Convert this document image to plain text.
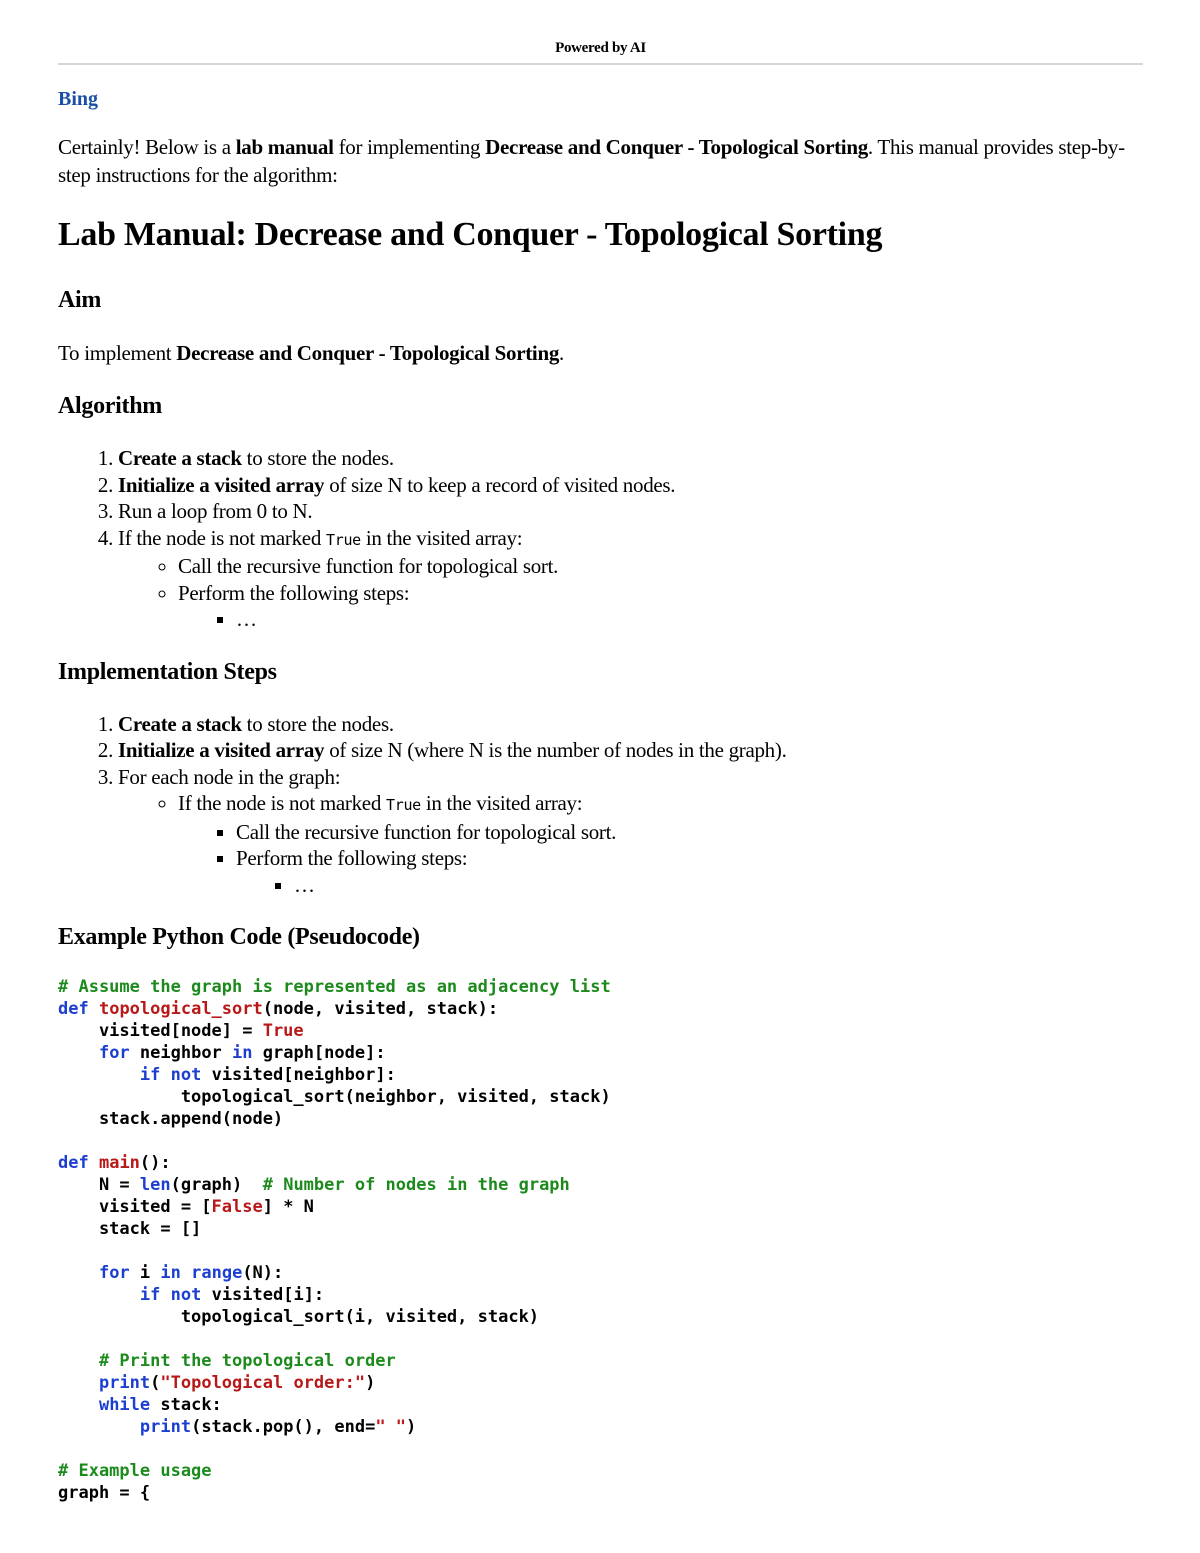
Powered by AI
Bing

Certainly! Below is a lab manual for implementing Decrease and Conquer - Topological Sorting. This manual provides step-by-step instructions for the algorithm:

Lab Manual: Decrease and Conquer - Topological Sorting
Aim

To implement Decrease and Conquer - Topological Sorting.

Algorithm
1. Create a stack to store the nodes.
2. Initialize a visited array of size N to keep a record of visited nodes.
3. Run a loop from 0 to N.
4. If the node is not marked True in the visited array:
◦ Call the recursive function for topological sort.
◦ Perform the following steps:
▪ …
Implementation Steps
1. Create a stack to store the nodes.
2. Initialize a visited array of size N (where N is the number of nodes in the graph).
3. For each node in the graph:
◦ If the node is not marked True in the visited array:
▪ Call the recursive function for topological sort.
▪ Perform the following steps:
▪ …
Example Python Code (Pseudocode)
# Assume the graph is represented as an adjacency list
def topological_sort(node, visited, stack):
visited[node] = True
for neighbor in graph[node]:
if not visited[neighbor]:
topological_sort(neighbor, visited, stack)
stack.append(node)

def main():
N = len(graph)  # Number of nodes in the graph
visited = [False] * N
stack = []

for i in range(N):
if not visited[i]:
topological_sort(i, visited, stack)

# Print the topological order
print("Topological order:")
while stack:
print(stack.pop(), end=" ")

# Example usage
graph = {
